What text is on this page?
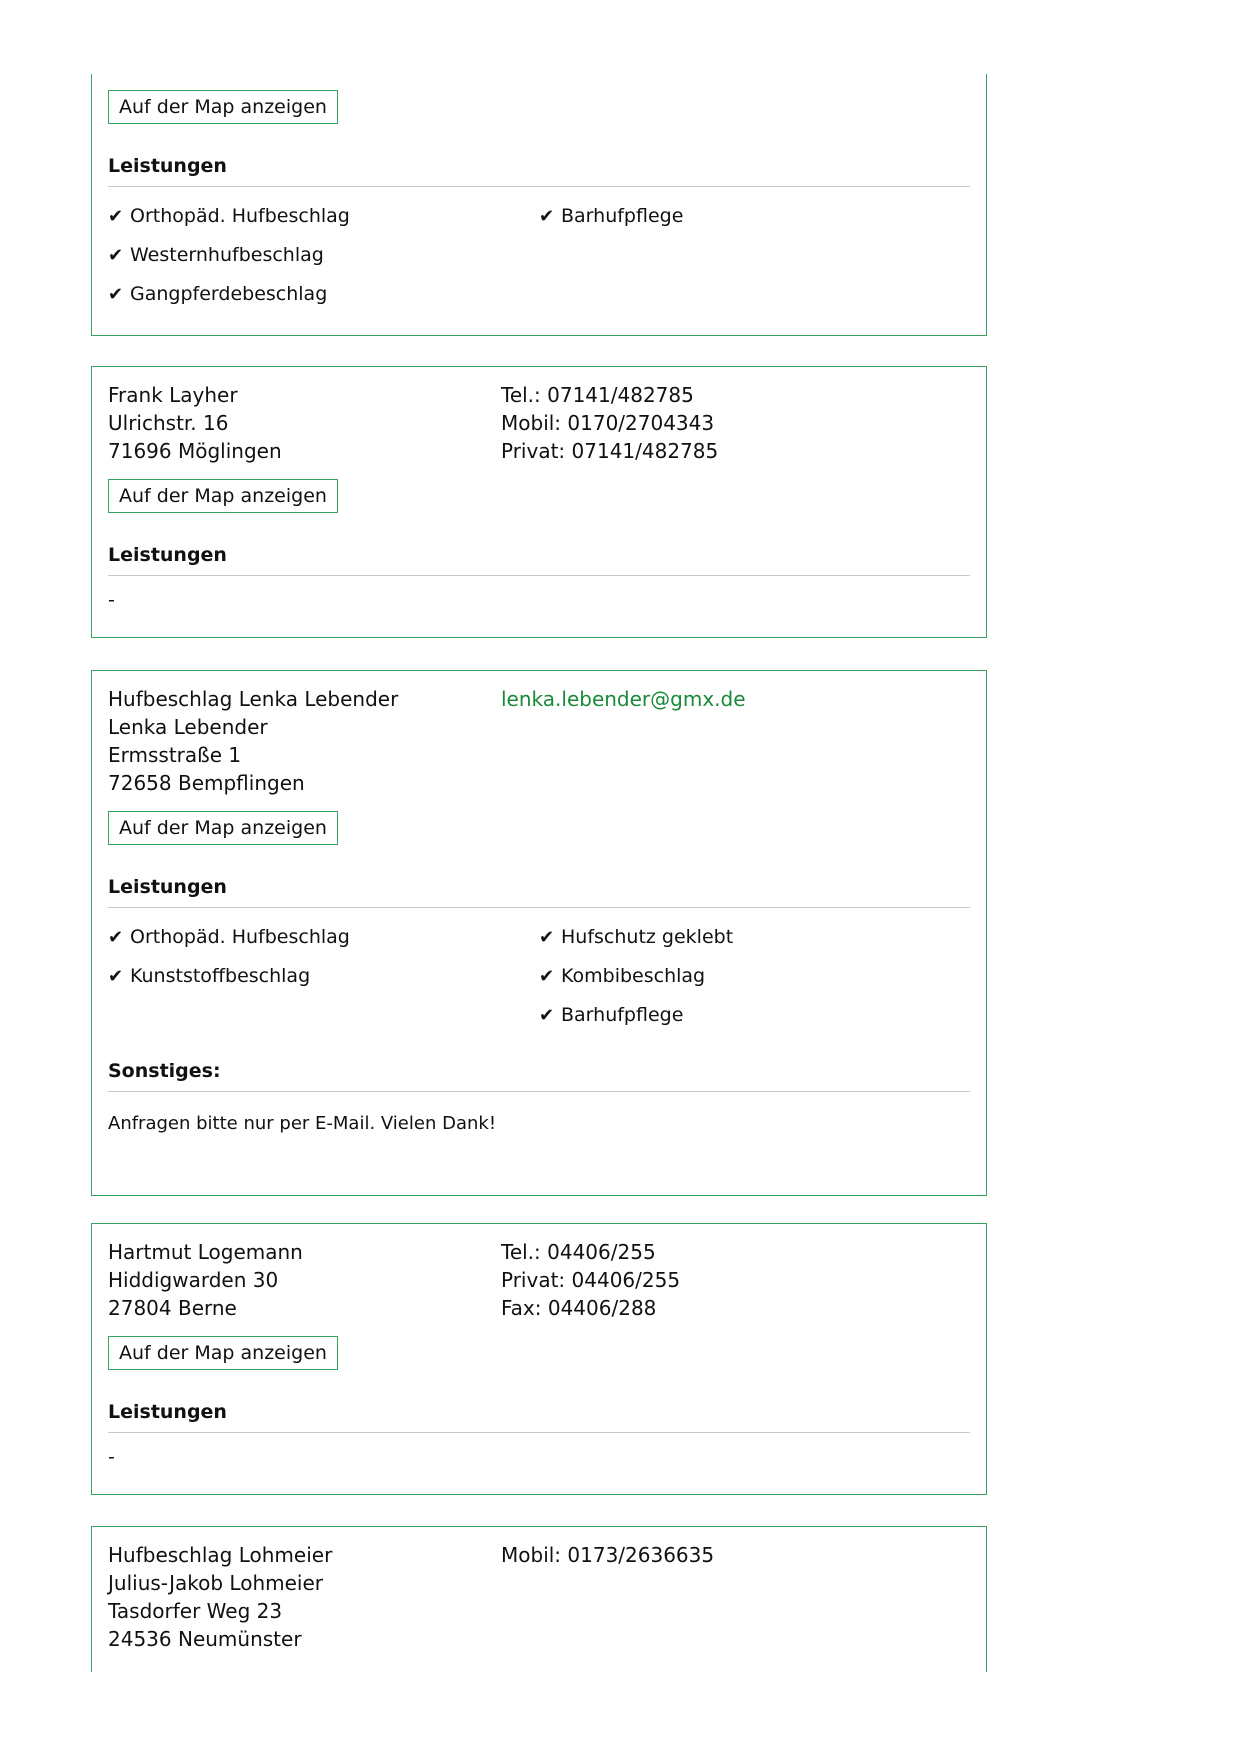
Auf der Map anzeigen
Leistungen
✔ Orthopäd. Hufbeschlag
✔ Westernhufbeschlag
✔ Gangpferdebeschlag
✔ Barhufpflege
Frank Layher
Ulrichstr. 16
71696 Möglingen
Tel.: 07141/482785
Mobil: 0170/2704343
Privat: 07141/482785
Auf der Map anzeigen
Leistungen
-
Hufbeschlag Lenka Lebender
Lenka Lebender
Ermsstraße 1
72658 Bempflingen
lenka.lebender@gmx.de
Auf der Map anzeigen
Leistungen
✔ Orthopäd. Hufbeschlag
✔ Kunststoffbeschlag
✔ Hufschutz geklebt
✔ Kombibeschlag
✔ Barhufpflege
Sonstiges:
Anfragen bitte nur per E-Mail. Vielen Dank!
Hartmut Logemann
Hiddigwarden 30
27804 Berne
Tel.: 04406/255
Privat: 04406/255
Fax: 04406/288
Auf der Map anzeigen
Leistungen
-
Hufbeschlag Lohmeier
Julius-Jakob Lohmeier
Tasdorfer Weg 23
24536 Neumünster
Mobil: 0173/2636635
